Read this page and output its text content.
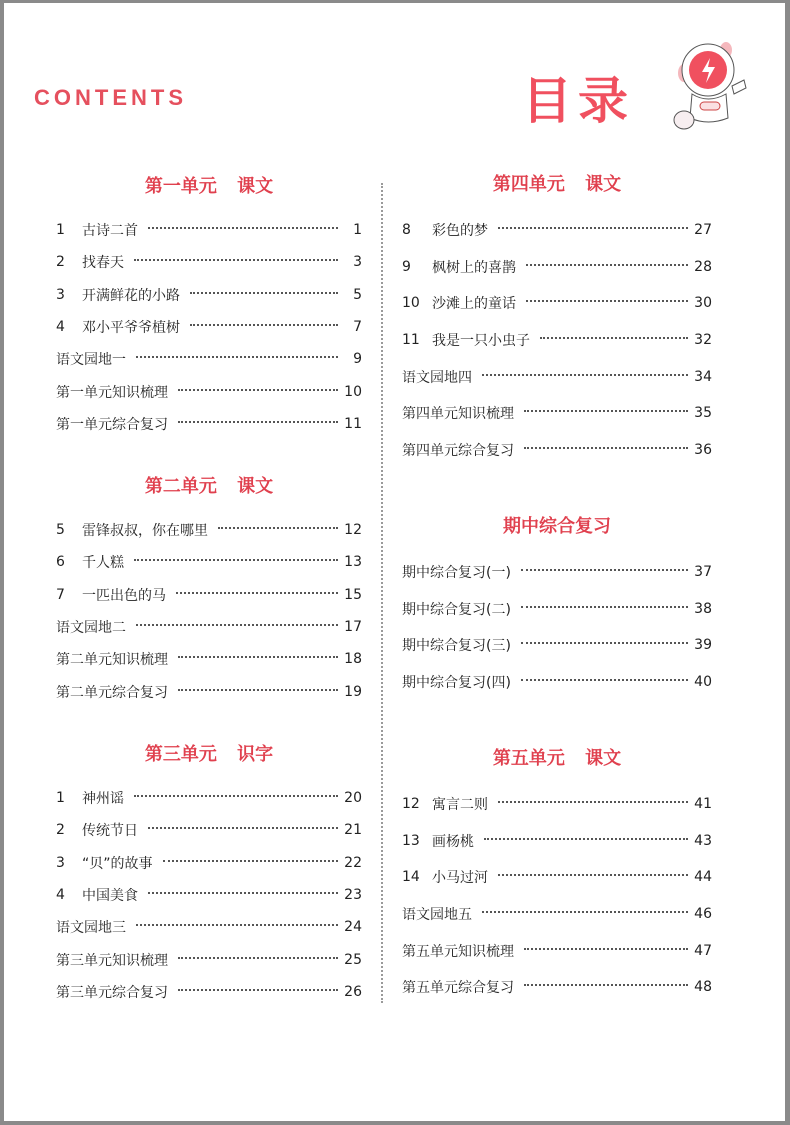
CONTENTS	目录
第一单元 课文
1	古诗二首	1
2	找春天	3
3	开满鲜花的小路	5
4	邓小平爷爷植树	7
语文园地一	9
第一单元知识梳理	10
第一单元综合复习	11
第二单元 课文
5	雷锋叔叔，你在哪里	12
6	千人糕	13
7	一匹出色的马	15
语文园地二	17
第二单元知识梳理	18
第二单元综合复习	19
第三单元 识字
1	神州谣	20
2	传统节日	21
3	“贝”的故事	22
4	中国美食	23
语文园地三	24
第三单元知识梳理	25
第三单元综合复习	26
第四单元 课文
8	彩色的梦	27
9	枫树上的喜鹊	28
10 沙滩上的童话	30
11 我是一只小虫子	32
语文园地四	34
第四单元知识梳理	35
第四单元综合复习	36
期中综合复习
期中综合复习(一)	37
期中综合复习(二)	38
期中综合复习(三)	39
期中综合复习(四)	40
第五单元 课文
12 寓言二则	41
13 画杨桃	43
14 小马过河	44
语文园地五	46
第五单元知识梳理	47
第五单元综合复习	48
